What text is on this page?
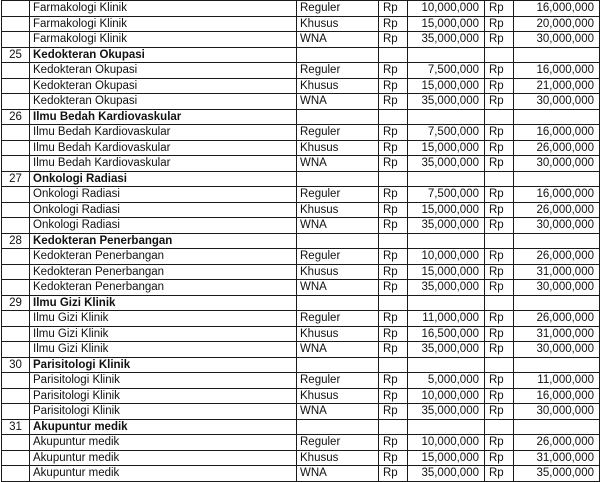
	Farmakologi Klinik	Reguler	Rp	10,000,000	Rp	16,000,000
	Farmakologi Klinik	Khusus	Rp	15,000,000	Rp	20,000,000
	Farmakologi Klinik	WNA	Rp	35,000,000	Rp	30,000,000
25	Kedokteran Okupasi					
	Kedokteran Okupasi	Reguler	Rp	7,500,000	Rp	16,000,000
	Kedokteran Okupasi	Khusus	Rp	15,000,000	Rp	21,000,000
	Kedokteran Okupasi	WNA	Rp	35,000,000	Rp	30,000,000
26	Ilmu Bedah Kardiovaskular					
	Ilmu Bedah Kardiovaskular	Reguler	Rp	7,500,000	Rp	16,000,000
	Ilmu Bedah Kardiovaskular	Khusus	Rp	15,000,000	Rp	26,000,000
	Ilmu Bedah Kardiovaskular	WNA	Rp	35,000,000	Rp	30,000,000
27	Onkologi Radiasi					
	Onkologi Radiasi	Reguler	Rp	7,500,000	Rp	16,000,000
	Onkologi Radiasi	Khusus	Rp	15,000,000	Rp	26,000,000
	Onkologi Radiasi	WNA	Rp	35,000,000	Rp	30,000,000
28	Kedokteran Penerbangan					
	Kedokteran Penerbangan	Reguler	Rp	10,000,000	Rp	26,000,000
	Kedokteran Penerbangan	Khusus	Rp	15,000,000	Rp	31,000,000
	Kedokteran Penerbangan	WNA	Rp	35,000,000	Rp	30,000,000
29	Ilmu Gizi Klinik					
	Ilmu Gizi Klinik	Reguler	Rp	11,000,000	Rp	26,000,000
	Ilmu Gizi Klinik	Khusus	Rp	16,500,000	Rp	31,000,000
	Ilmu Gizi Klinik	WNA	Rp	35,000,000	Rp	30,000,000
30	Parisitologi Klinik					
	Parisitologi Klinik	Reguler	Rp	5,000,000	Rp	11,000,000
	Parisitologi Klinik	Khusus	Rp	10,000,000	Rp	16,000,000
	Parisitologi Klinik	WNA	Rp	35,000,000	Rp	30,000,000
31	Akupuntur medik					
	Akupuntur medik	Reguler	Rp	10,000,000	Rp	26,000,000
	Akupuntur medik	Khusus	Rp	15,000,000	Rp	31,000,000
	Akupuntur medik	WNA	Rp	35,000,000	Rp	35,000,000
